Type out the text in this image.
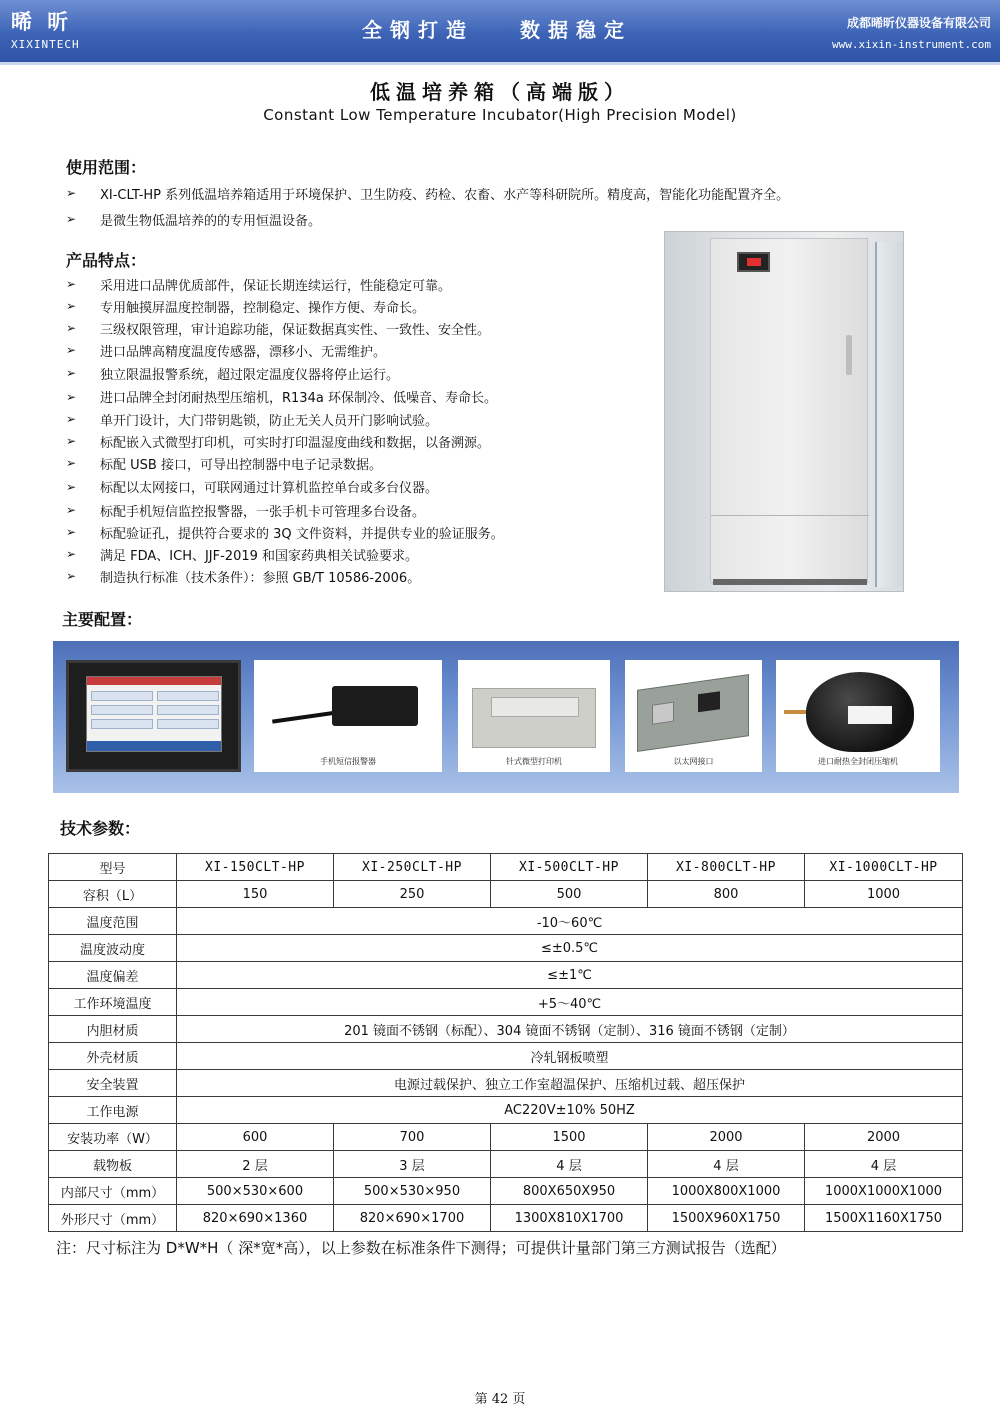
晞 昕
XIXINTECH
全钢打造 数据稳定	成都晞昕仪器设备有限公司
www.xixin-instrument.com
低温培养箱（高端版）
Constant Low Temperature Incubator(High Precision Model)
使用范围：
➢	XI-CLT-HP 系列低温培养箱适用于环境保护、卫生防疫、药检、农畜、水产等科研院所。精度高，智能化功能配置齐全。
➢	是微生物低温培养的的专用恒温设备。
产品特点：
➢	采用进口品牌优质部件，保证长期连续运行，性能稳定可靠。
➢	专用触摸屏温度控制器，控制稳定、操作方便、寿命长。
➢	三级权限管理，审计追踪功能，保证数据真实性、一致性、安全性。
➢	进口品牌高精度温度传感器，漂移小、无需维护。
➢	独立限温报警系统，超过限定温度仪器将停止运行。
➢	进口品牌全封闭耐热型压缩机，R134a 环保制冷、低噪音、寿命长。
➢	单开门设计，大门带钥匙锁，防止无关人员开门影响试验。
➢	标配嵌入式微型打印机，可实时打印温湿度曲线和数据，以备溯源。
➢	标配 USB 接口，可导出控制器中电子记录数据。
➢	标配以太网接口，可联网通过计算机监控单台或多台仪器。
➢	标配手机短信监控报警器，一张手机卡可管理多台设备。
➢	标配验证孔，提供符合要求的 3Q 文件资料，并提供专业的验证服务。
➢	满足 FDA、ICH、JJF-2019 和国家药典相关试验要求。
➢	制造执行标准（技术条件）：参照 GB/T 10586-2006。
主要配置：
手机短信报警器	针式微型打印机	以太网接口	进口耐热全封闭压缩机
技术参数：
型号	XI-150CLT-HP	XI-250CLT-HP	XI-500CLT-HP	XI-800CLT-HP	XI-1000CLT-HP
容积（L）	150	250	500	800	1000
温度范围	-10～60℃				
温度波动度	≤±0.5℃				
温度偏差	≤±1℃				
工作环境温度	+5～40℃				
内胆材质	201 镜面不锈钢（标配）、304 镜面不锈钢（定制）、316 镜面不锈钢（定制）				
外壳材质	冷轧钢板喷塑				
安全装置	电源过载保护、独立工作室超温保护、压缩机过载、超压保护				
工作电源	AC220V±10% 50HZ				
安装功率（W）	600	700	1500	2000	2000
载物板	2 层	3 层	4 层	4 层	4 层
内部尺寸（mm）	500×530×600	500×530×950	800X650X950	1000X800X1000	1000X1000X1000
外形尺寸（mm）	820×690×1360	820×690×1700	1300X810X1700	1500X960X1750	1500X1160X1750
注：尺寸标注为 D*W*H（ 深*宽*高），以上参数在标准条件下测得；可提供计量部门第三方测试报告（选配）
第 42 页
